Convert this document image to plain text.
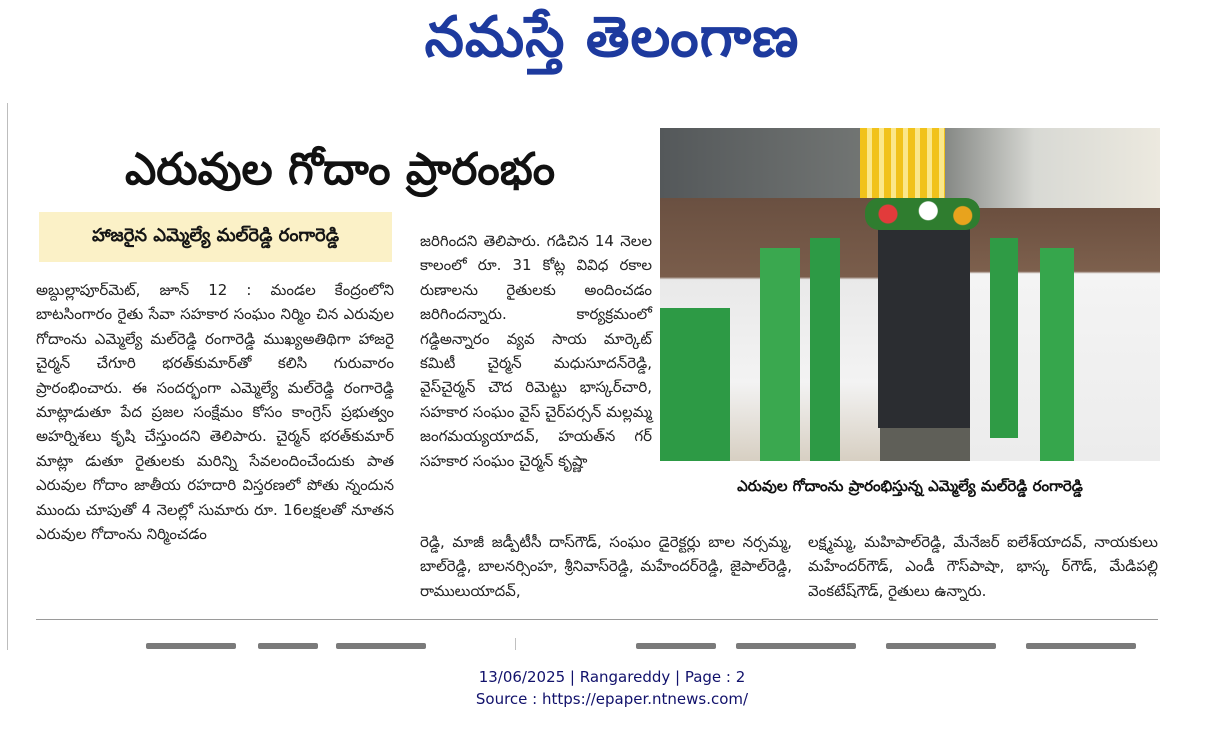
నమస్తే తెలంగాణ
ఎరువుల గోదాం ప్రారంభం
హాజరైన ఎమ్మెల్యే మల్‌రెడ్డి రంగారెడ్డి
అబ్దుల్లాపూర్‌మెట్‌, జూన్‌ 12 : మండల కేంద్రంలోని బాటసింగారం రైతు సేవా సహకార సంఘం నిర్మిం చిన ఎరువుల గోదాంను ఎమ్మెల్యే మల్‌రెడ్డి రంగారెడ్డి ముఖ్యఅతిథిగా హాజరై చైర్మన్‌ చేగూరి భరత్‌కుమార్‌తో కలిసి గురువారం ప్రారంభించారు. ఈ సందర్భంగా ఎమ్మెల్యే మల్‌రెడ్డి రంగారెడ్డి మాట్లాడుతూ పేద ప్రజల సంక్షేమం కోసం కాంగ్రెస్‌ ప్రభుత్వం అహర్నిశలు కృషి చేస్తుందని తెలిపారు. చైర్మన్‌ భరత్‌కుమార్‌ మాట్లా డుతూ రైతులకు మరిన్ని సేవలందించేందుకు పాత ఎరువుల గోదాం జాతీయ రహదారి విస్తరణలో పోతు న్నందున ముందు చూపుతో 4 నెలల్లో సుమారు రూ. 16లక్షలతో నూతన ఎరువుల గోదాంను నిర్మించడం
జరిగిందని తెలిపారు. గడిచిన 14 నెలల కాలంలో రూ. 31 కోట్ల వివిధ రకాల రుణాలను రైతులకు అందించడం జరిగిందన్నారు. కార్యక్రమంలో గడ్డిఅన్నారం వ్యవ సాయ మార్కెట్‌ కమిటీ చైర్మన్‌ మధుసూదన్‌రెడ్డి, వైస్‌చైర్మన్‌ చౌద రిమెట్టు భాస్కర్‌చారి, సహకార సంఘం వైస్‌ చైర్‌పర్సన్‌ మల్లమ్మ జంగమయ్యయాదవ్‌, హయత్‌న గర్‌ సహకార సంఘం చైర్మన్‌ కృష్ణా
ఎరువుల గోదాంను ప్రారంభిస్తున్న ఎమ్మెల్యే మల్‌రెడ్డి రంగారెడ్డి
రెడ్డి, మాజీ జడ్పీటీసీ దాస్‌గౌడ్‌, సంఘం డైరెక్టర్లు బాల నర్సమ్మ, బాల్‌రెడ్డి, బాలనర్సింహ, శ్రీనివాస్‌రెడ్డి, మహేందర్‌రెడ్డి, జైపాల్‌రెడ్డి, రాములుయాదవ్‌,
లక్ష్మమ్మ, మహిపాల్‌రెడ్డి, మేనేజర్‌ ఐలేశ్‌యాదవ్‌, నాయకులు మహేందర్‌గౌడ్‌, ఎండీ గౌస్‌పాషా, భాస్క ర్‌గౌడ్‌, మేడిపల్లి వెంకటేష్‌గౌడ్‌, రైతులు ఉన్నారు.
13/06/2025 | Rangareddy | Page : 2
Source : https://epaper.ntnews.com/
